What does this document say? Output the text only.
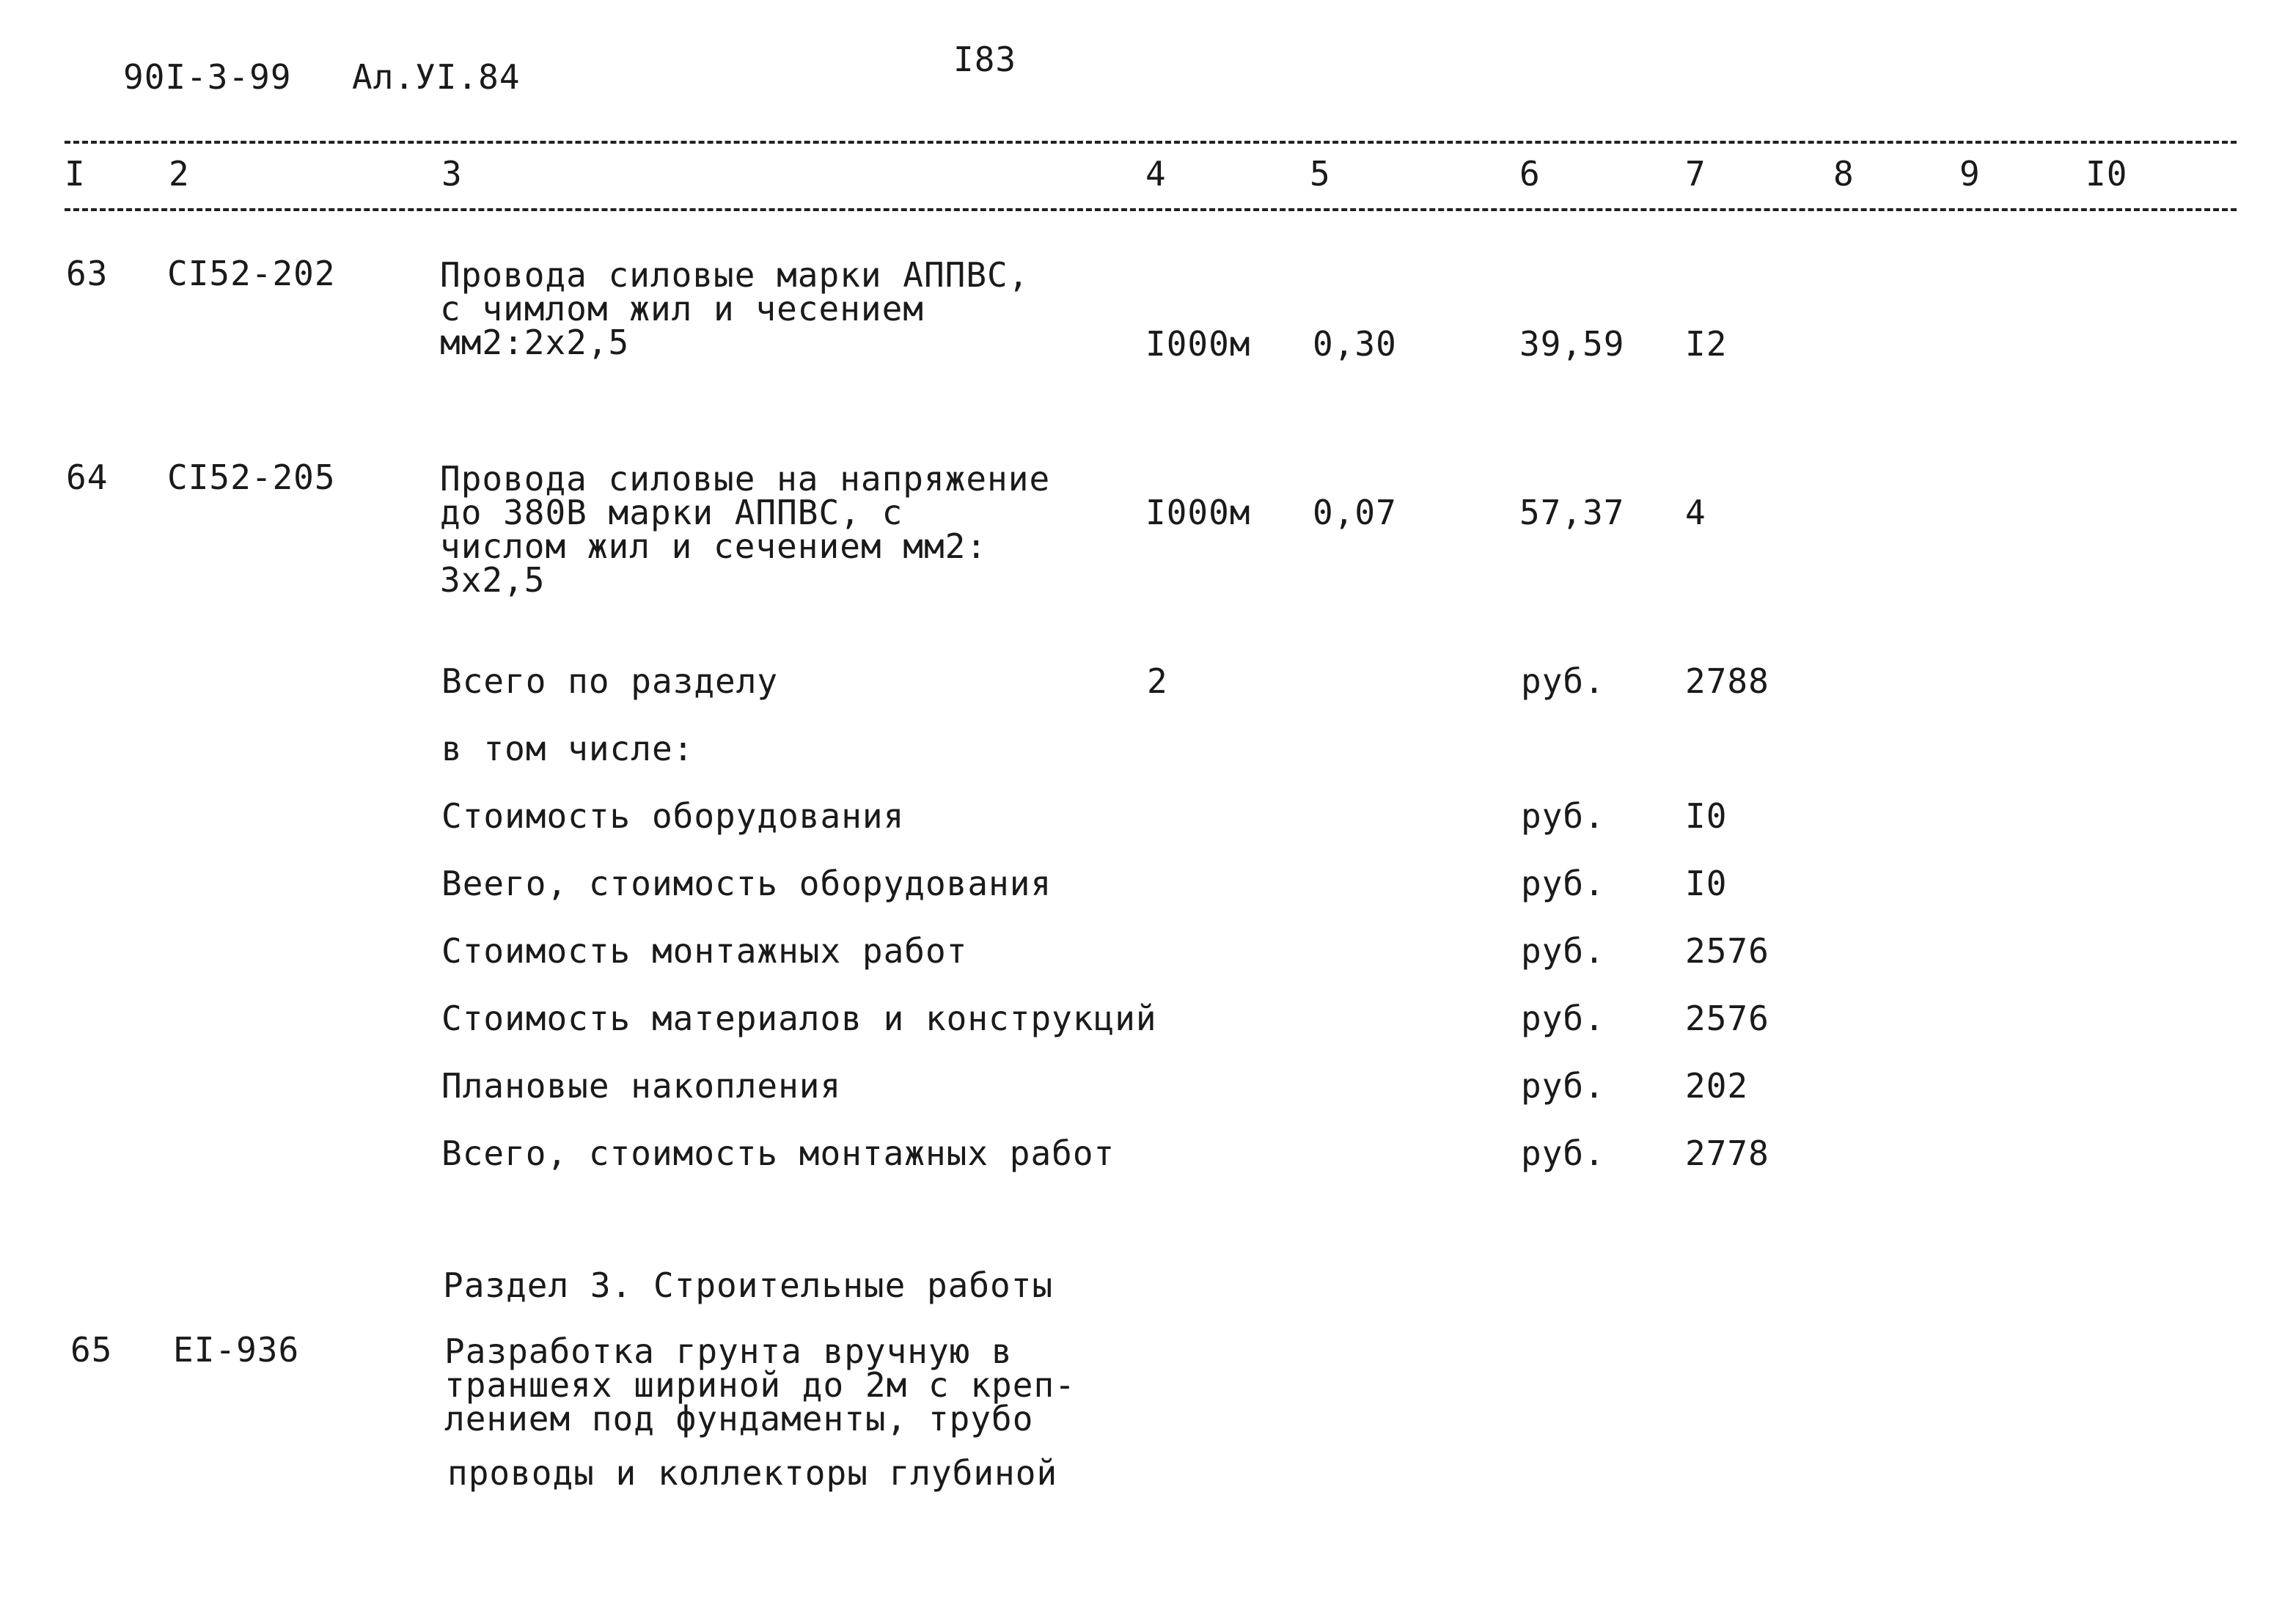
90I-3-99 Ал.УI.84	I83
I 2	3	4	5	6	7	8	9	I0
63 CI52-202	Провода силовые марки АППВС,
с чимлом жил и чесением
мм2:2х2,5	I000м 0,30	39,59 I2
64 CI52-205	Провода силовые на напряжение
до 380В марки АППВС, с
числом жил и сечением мм2:
3х2,5
I000м 0,07	57,37 4
Всего по разделу	2	руб. 2788
в том числе:
Стоимость оборудования	руб. I0
Веего, стоимость оборудования	руб. I0
Стоимость монтажных работ	руб. 2576
Стоимость материалов и конструкций	руб. 2576
Плановые накопления	руб. 202
Всего, стоимость монтажных работ	руб. 2778
Раздел 3. Строительные работы
65 EI-936	Разработка грунта вручную в
траншеях шириной до 2м с креп-
лением под фундаменты, трубо
проводы и коллекторы глубиной
